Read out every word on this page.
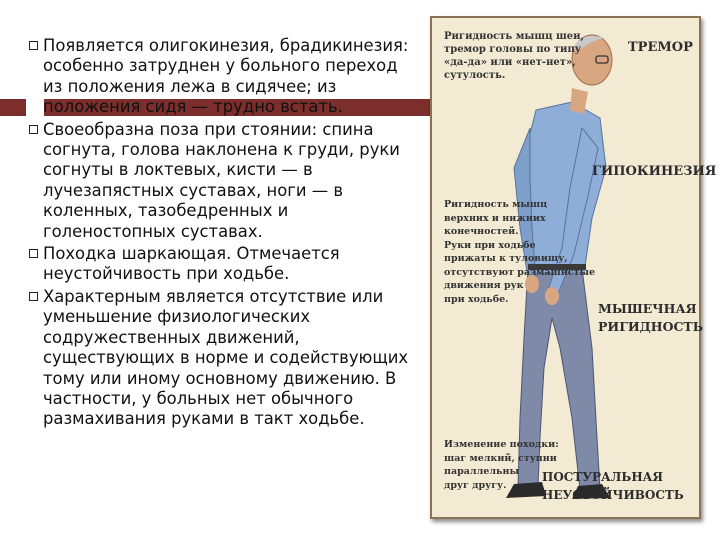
Появляется олигокинезия, брадикинезия: особенно затруднен у больного переход из положения лежа в сидячее; из положения сидя — трудно встать.
Своеобразна поза при стоянии: спина согнута, голова наклонена к груди, руки согнуты в локтевых, кисти — в лучезапястных суставах, ноги — в коленных, тазобедренных и голеностопных суставах.
Походка шаркающая. Отмечается неустойчивость при ходьбе.
Характерным является отсутствие или уменьшение физиологических содружественных движений, существующих в норме и содействующих тому или иному основному движению. В частности, у больных нет обычного размахивания руками в такт ходьбе.
Ригидность мышц шеи,
тремор головы по типу
«да-да» или «нет-нет»,
сутулость.
ТРЕМОР
ГИПОКИНЕЗИЯ
Ригидность мышц
верхних и нижних
конечностей.
Руки при ходьбе
прижаты к туловищу,
отсутствуют размашистые
движения рук
при ходьбе.
МЫШЕЧНАЯ
РИГИДНОСТЬ
Изменение походки:
шаг мелкий, ступни
параллельны
друг другу.
ПОСТУРАЛЬНАЯ
НЕУСТОЙЧИВОСТЬ
